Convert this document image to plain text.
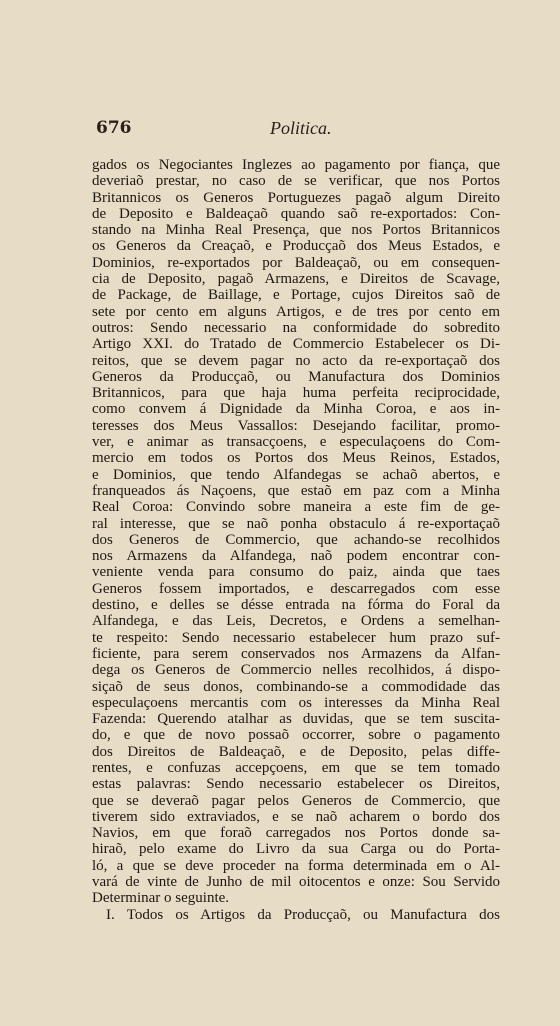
676	Politica.
gados os Negociantes Inglezes ao pagamento por fiança, que
deveriaõ prestar, no caso de se verificar, que nos Portos
Britannicos os Generos Portuguezes pagaõ algum Direito
de Deposito e Baldeaçaõ quando saõ re-exportados: Con-
stando na Minha Real Presença, que nos Portos Britannicos
os Generos da Creaçaõ, e Producçaõ dos Meus Estados, e
Dominios, re-exportados por Baldeaçaõ, ou em consequen-
cia de Deposito, pagaõ Armazens, e Direitos de Scavage,
de Package, de Baillage, e Portage, cujos Direitos saõ de
sete por cento em alguns Artigos, e de tres por cento em
outros: Sendo necessario na conformidade do sobredito
Artigo XXI. do Tratado de Commercio Estabelecer os Di-
reitos, que se devem pagar no acto da re-exportaçaõ dos
Generos da Producçaõ, ou Manufactura dos Dominios
Britannicos, para que haja huma perfeita reciprocidade,
como convem á Dignidade da Minha Coroa, e aos in-
teresses dos Meus Vassallos: Desejando facilitar, promo-
ver, e animar as transacçoens, e especulaçoens do Com-
mercio em todos os Portos dos Meus Reinos, Estados,
e Dominios, que tendo Alfandegas se achaõ abertos, e
franqueados ás Naçoens, que estaõ em paz com a Minha
Real Coroa: Convindo sobre maneira a este fim de ge-
ral interesse, que se naõ ponha obstaculo á re-exportaçaõ
dos Generos de Commercio, que achando-se recolhidos
nos Armazens da Alfandega, naõ podem encontrar con-
veniente venda para consumo do paiz, ainda que taes
Generos fossem importados, e descarregados com esse
destino, e delles se désse entrada na fórma do Foral da
Alfandega, e das Leis, Decretos, e Ordens a semelhan-
te respeito: Sendo necessario estabelecer hum prazo suf-
ficiente, para serem conservados nos Armazens da Alfan-
dega os Generos de Commercio nelles recolhidos, á dispo-
siçaõ de seus donos, combinando-se a commodidade das
especulaçoens mercantis com os interesses da Minha Real
Fazenda: Querendo atalhar as duvidas, que se tem suscita-
do, e que de novo possaõ occorrer, sobre o pagamento
dos Direitos de Baldeaçaõ, e de Deposito, pelas diffe-
rentes, e confuzas accepçoens, em que se tem tomado
estas palavras: Sendo necessario estabelecer os Direitos,
que se deveraõ pagar pelos Generos de Commercio, que
tiverem sido extraviados, e se naõ acharem o bordo dos
Navios, em que foraõ carregados nos Portos donde sa-
hiraõ, pelo exame do Livro da sua Carga ou do Porta-
ló, a que se deve proceder na forma determinada em o Al-
vará de vinte de Junho de mil oitocentos e onze: Sou Servido
Determinar o seguinte.
I. Todos os Artigos da Producçaõ, ou Manufactura dos
